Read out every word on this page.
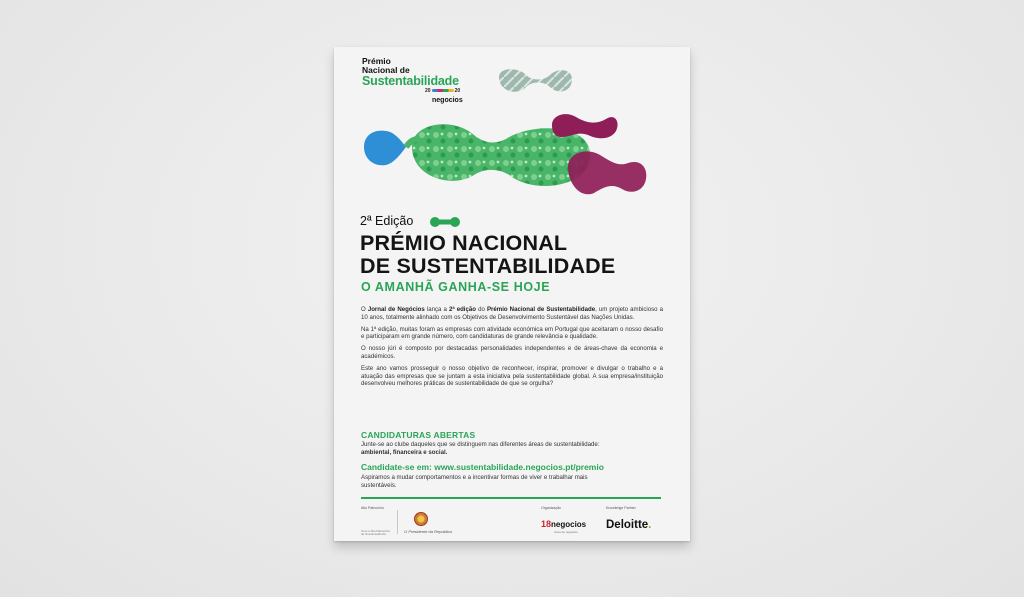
Prémio
Nacional de
Sustentabilidade
20	20
negocios
2ª Edição
PRÉMIO NACIONAL
DE SUSTENTABILIDADE
O AMANHÃ GANHA-SE HOJE

O Jornal de Negócios lança a 2ª edição do Prémio Nacional de Sustentabilidade, um projeto ambicioso a 10 anos, totalmente alinhado com os Objetivos de Desenvolvimento Sustentável das Nações Unidas.

Na 1ª edição, muitas foram as empresas com atividade económica em Portugal que aceitaram o nosso desafio e participaram em grande número, com candidaturas de grande relevância e qualidade.

O nosso júri é composto por destacadas personalidades independentes e de áreas-chave da economia e académicos.

Este ano vamos prosseguir o nosso objetivo de reconhecer, inspirar, promover e divulgar o trabalho e a atuação das empresas que se juntam a esta iniciativa pela sustentabilidade global. A sua empresa/instituição desenvolveu melhores práticas de sustentabilidade de que se orgulha?

CANDIDATURAS ABERTAS
Junte-se ao clube daqueles que se distinguem nas diferentes áreas de sustentabilidade:
ambiental, financeira e social.
Candidate-se em: www.sustentabilidade.negocios.pt/premio
Aspiramos a mudar comportamentos e a incentivar formas de viver e trabalhar mais sustentáveis.
Alto Patrocínio
Com o Alto Patrocínio de Sua Excelência
O Presidente da República
Organização
18negocios
Anos de negócios
Knowledge Partner
Deloitte.
